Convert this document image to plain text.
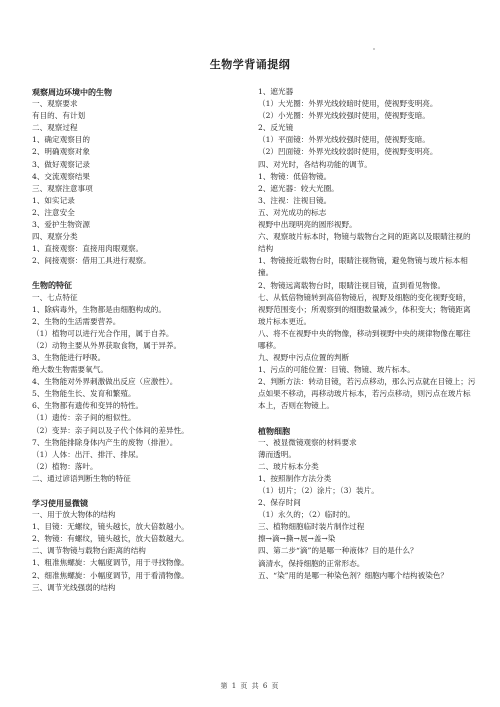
生物学背诵提纲
观察周边环境中的生物
一、观察要求
有目的、有计划
二、观察过程
1、确定观察目的
2、明确观察对象
3、做好观察记录
4、交流观察结果
三、观察注意事项
1、如实记录
2、注意安全
3、爱护生物资源
四、观察分类
1、直接观察：直接用肉眼观察。
2、间接观察：借用工具进行观察。
生物的特征
一、七点特征
1、除病毒外，生物都是由细胞构成的。
2、生物的生活需要营养。
（1）植物可以进行光合作用，属于自养。
（2）动物主要从外界获取食物，属于异养。
3、生物能进行呼吸。
绝大数生物需要氧气。
4、生物能对外界刺激做出反应（应激性）。
5、生物能生长、发育和繁殖。
6、生物都有遗传和变异的特性。
（1）遗传：亲子间的相似性。
（2）变异：亲子间以及子代个体间的差异性。
7、生物能排除身体内产生的废物（排泄）。
（1）人体：出汗、排汗、排尿。
（2）植物：落叶。
二、通过谚语判断生物的特征
学习使用显微镜
一、用于放大物体的结构
1、目镜：无螺纹，镜头越长，放大倍数越小。
2、物镜：有螺纹，镜头越长，放大倍数越大。
二、调节物镜与载物台距离的结构
1、粗准焦螺旋：大幅度调节，用于寻找物像。
2、细准焦螺旋：小幅度调节，用于看清物像。
三、调节光线强弱的结构
1、遮光器
（1）大光圈：外界光线较暗时使用，使视野变明亮。
（2）小光圈：外界光线较强时使用，使视野变暗。
2、反光镜
（1）平面镜：外界光线较强时使用，使视野变暗。
（2）凹面镜：外界光线较弱时使用，使视野变明亮。
四、对光时，各结构功能的调节。
1、物镜：低倍物镜。
2、遮光器：较大光圈。
3、注视：注视目镜。
五、对光成功的标志
视野中出现明亮的圆形视野。
六、观察玻片标本时，物镜与载物台之间的距离以及眼睛注视的结构
1、物镜接近载物台时，眼睛注视物镜，避免物镜与玻片标本相撞。
2、物镜远离载物台时，眼睛注视目镜，直到看见物像。
七、从低倍物镜转到高倍物镜后，视野及细胞的变化视野变暗，视野范围变小；所观察到的细胞数量减少，体积变大；物镜距离玻片标本更近。
八、将不在视野中央的物像，移动到视野中央的规律物像在哪往哪移。
九、视野中污点位置的判断
1、污点的可能位置：目镜、物镜、玻片标本。
2、判断方法：转动目镜，若污点移动，那么污点就在目镜上；污点如果不移动，再移动玻片标本，若污点移动，则污点在玻片标本上，否则在物镜上。
植物细胞
一、被显微镜观察的材料要求
薄而透明。
二、玻片标本分类
1、按照制作方法分类
（1）切片；（2）涂片；（3）装片。
2、保存时间
（1）永久的；（2）临时的。
三、植物细胞临时装片制作过程
擦→滴→撕→展→盖→染
四、第二步“滴”的是哪一种液体？目的是什么？
滴清水，保持细胞的正常形态。
五、“染”用的是哪一种染色剂？细胞内哪个结构被染色？
第 1 页 共 6 页
